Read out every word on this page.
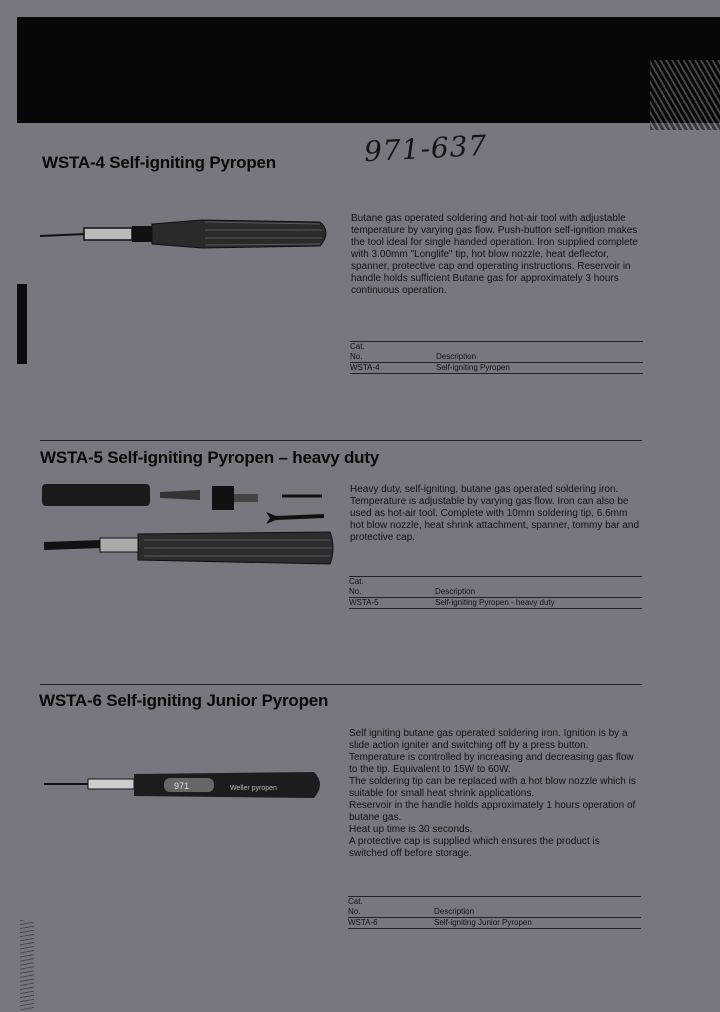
971-637
WSTA-4 Self-igniting Pyropen

Butane gas operated soldering and hot-air tool with adjustable temperature by varying gas flow. Push-button self-ignition makes the tool ideal for single handed operation. Iron supplied complete with 3.00mm "Longlife" tip, hot blow nozzle, heat deflector, spanner, protective cap and operating instructions. Reservoir in handle holds sufficient Butane gas for approximately 3 hours continuous operation.

Cat.
No.	Description
WSTA-4	Self-igniting Pyropen
WSTA-5 Self-igniting Pyropen – heavy duty

Heavy duty, self-igniting, butane gas operated soldering iron. Temperature is adjustable by varying gas flow. Iron can also be used as hot-air tool. Complete with 10mm soldering tip, 6.6mm hot blow nozzle, heat shrink attachment, spanner, tommy bar and protective cap.

Cat.
No.	Description
WSTA-5	Self-igniting Pyropen - heavy duty
WSTA-6 Self-igniting Junior Pyropen
971	Weller pyropen

Self igniting butane gas operated soldering iron. Ignition is by a slide action igniter and switching off by a press button. Temperature is controlled by increasing and decreasing gas flow to the tip. Equivalent to 15W to 60W.

The soldering tip can be replaced with a hot blow nozzle which is suitable for small heat shrink applications.

Reservoir in the handle holds approximately 1 hours operation of butane gas.

Heat up time is 30 seconds.

A protective cap is supplied which ensures the product is switched off before storage.

Cat.
No.	Description
WSTA-6	Self-igniting Junior Pyropen
